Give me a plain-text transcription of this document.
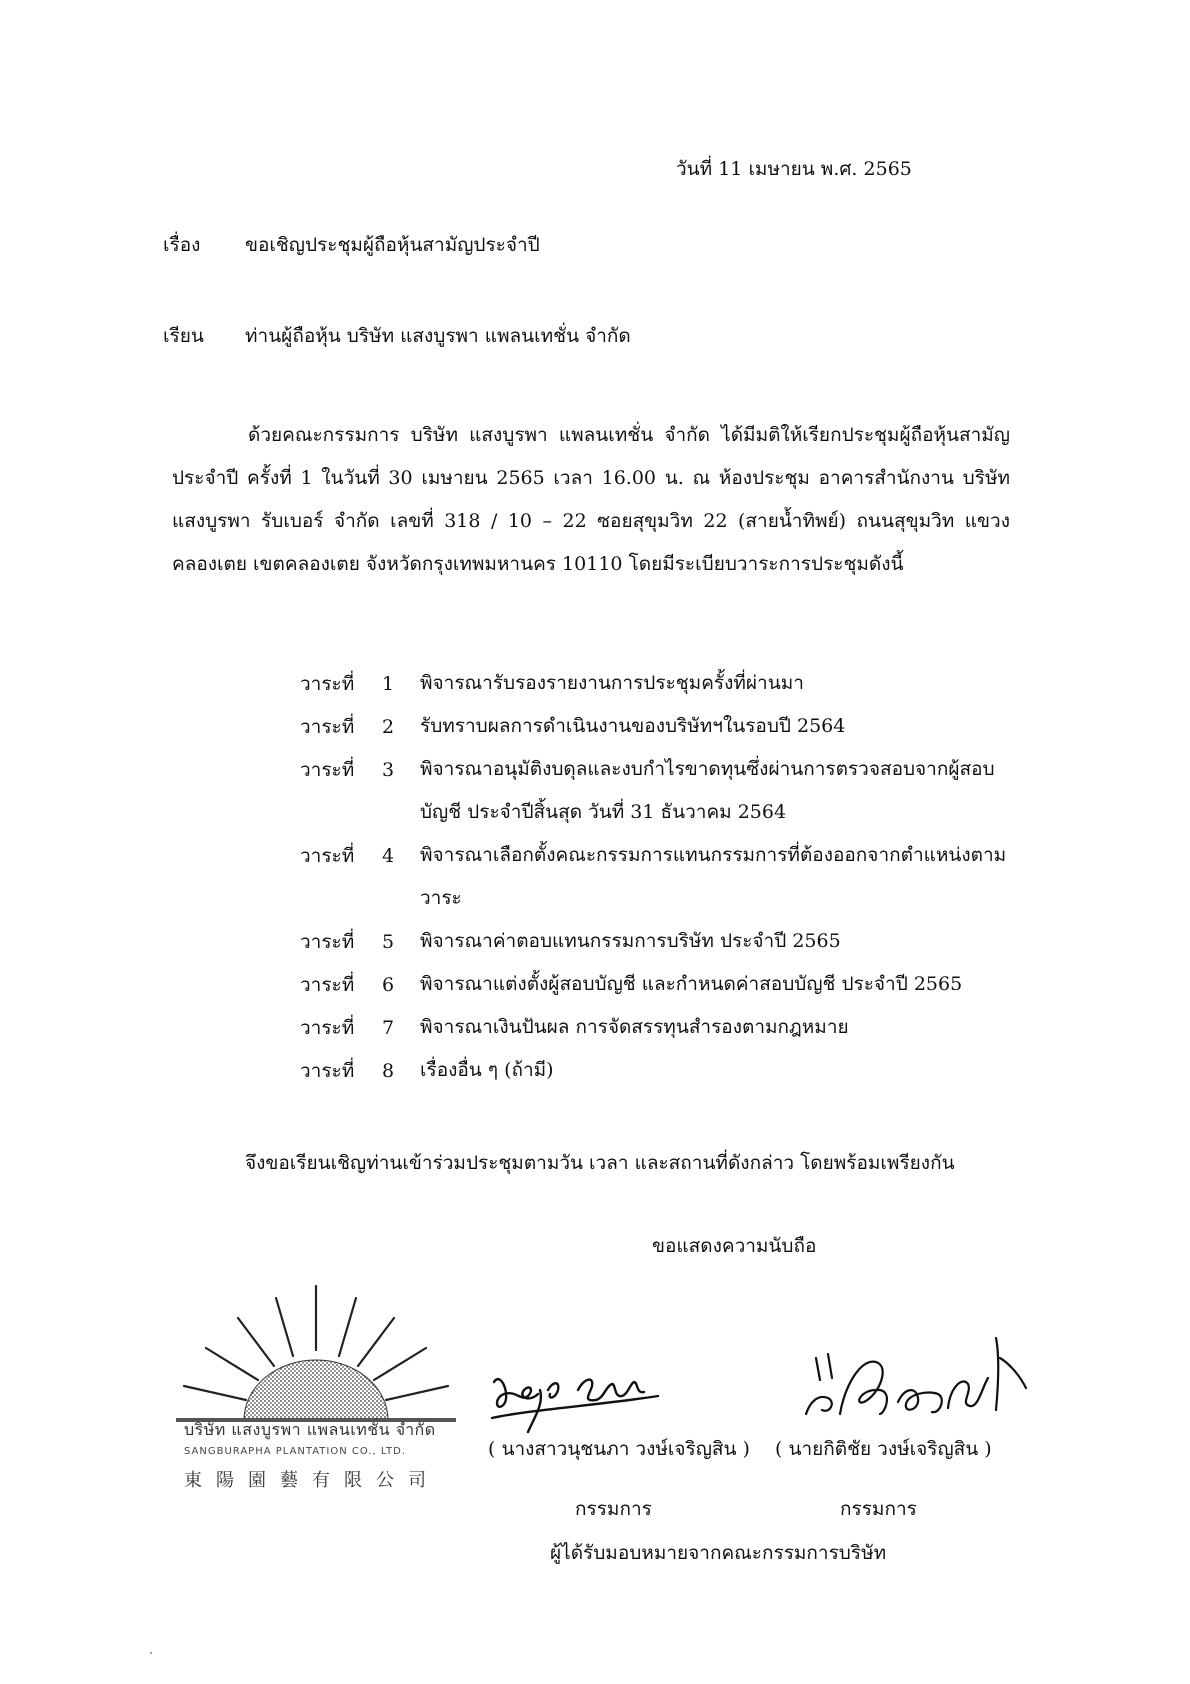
วันที่ 11 เมษายน พ.ศ. 2565
เรื่อง ขอเชิญประชุมผู้ถือหุ้นสามัญประจำปี
เรียน ท่านผู้ถือหุ้น บริษัท แสงบูรพา แพลนเทชั่น จำกัด
ด้วยคณะกรรมการ บริษัท แสงบูรพา แพลนเทชั่น จำกัด ได้มีมติให้เรียกประชุมผู้ถือหุ้นสามัญประจำปี ครั้งที่ 1 ในวันที่ 30 เมษายน 2565 เวลา 16.00 น. ณ ห้องประชุม อาคารสำนักงาน บริษัท แสงบูรพา รับเบอร์ จำกัด เลขที่ 318 / 10 – 22 ซอยสุขุมวิท 22 (สายน้ำทิพย์) ถนนสุขุมวิท แขวงคลองเตย เขตคลองเตย จังหวัดกรุงเทพมหานคร 10110 โดยมีระเบียบวาระการประชุมดังนี้
วาระที่	1 พิจารณารับรองรายงานการประชุมครั้งที่ผ่านมา
วาระที่	2 รับทราบผลการดำเนินงานของบริษัทฯในรอบปี 2564
วาระที่	3 พิจารณาอนุมัติงบดุลและงบกำไรขาดทุนซึ่งผ่านการตรวจสอบจากผู้สอบบัญชี ประจำปีสิ้นสุด วันที่ 31 ธันวาคม 2564
วาระที่	4 พิจารณาเลือกตั้งคณะกรรมการแทนกรรมการที่ต้องออกจากตำแหน่งตามวาระ
วาระที่	5 พิจารณาค่าตอบแทนกรรมการบริษัท ประจำปี 2565
วาระที่	6 พิจารณาแต่งตั้งผู้สอบบัญชี และกำหนดค่าสอบบัญชี ประจำปี 2565
วาระที่	7 พิจารณาเงินปันผล การจัดสรรทุนสำรองตามกฎหมาย
วาระที่	8 เรื่องอื่น ๆ (ถ้ามี)
จึงขอเรียนเชิญท่านเข้าร่วมประชุมตามวัน เวลา และสถานที่ดังกล่าว โดยพร้อมเพรียงกัน
ขอแสดงความนับถือ
บริษัท แสงบูรพา แพลนเทชั่น จำกัด
SANGBURAPHA PLANTATION CO., LTD.
東陽園藝有限公司
( นางสาวนุชนภา วงษ์เจริญสิน ) ( นายกิติชัย วงษ์เจริญสิน )
กรรมการ	กรรมการ
ผู้ได้รับมอบหมายจากคณะกรรมการบริษัท
